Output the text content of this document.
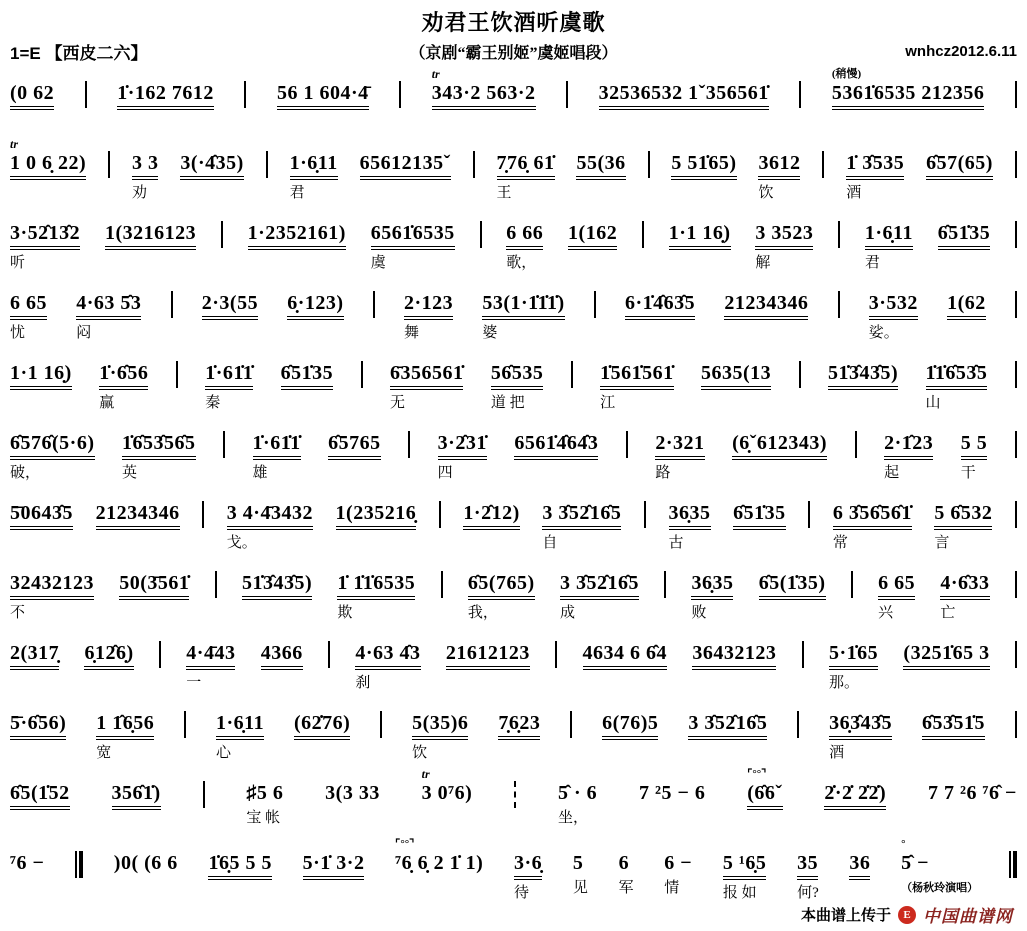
劝君王饮酒听虞歌
1=E 【西皮二六】	（京剧“霸王别姬”虞姬唱段）	wnhcz2012.6.11
(0 62	1̇·162 7612	56 1 604·4̄
tr
343·2 563·2	32536532 1ˇ356561̇
(稍慢)
5361̇6535 212356
tr
1 0 6̣ 22) 3 3
劝
3(·4̂35) 1·6̣11
君
65612135ˇ 7̣76̣ 61̇
王
55(36 5 51̇65) 3612
饮
1̇ 3̂535
酒
6̂57(65)
3·52̂13̂2
听
1(3216123	1·2352161) 6561̇6535
虞
6 66
歌，
1(162	1·1 16̣) 3 3523
解
1·6̣11
君
6̂51̇35
6 65
忧
4·63 5̂3
闷
2·3(55 6̣·123)	2·123
舞
53(1·1̇1̇1̇)
婆
6·1̇4̂63̂5 21234346	3·532
娑。
1(62
1·1 16̣) 1̇·6̂56
赢
1̇·61̇1̇
秦
6̂51̇35	6̄356561̇
无
56̂535
道 把
1̇561̇561̇
江
5635(13	51̇3̂43̂5) 1̇1̇6̂53̂5
山
6̂576̂(5·6)
破，
1̇6̂53̂56̂5
英
1̇·61̇1̇
雄
6̂5765	3·2̂31̇
四
6561̇4̂64̂3	2·321
路
(6̣ˇ612343)	2·1̂23
起
5 5
干
5̄0643̂5 21234346 3 4·4̄3432
戈。
1(235216̣ 1·2̂12) 3 3̂52̂16̂5
自
36̣35
古
6̂51̇35 6 3̂56̂56̂1̇
常
5 6̂532
言
32432123
不
50(3̄561̇	51̇3̂43̂5) 1̇ 1̇1̇6535
欺
6̂5(765)
我，
3 3̂52̂16̂5
成
36̣35
败
6̂5(1̇35)	6 65
兴
4·6̂33
亡
2(317̣ 6̣12̂6̣)	4·4̄43
一
4366	4·63 4̂3
刹
21612123	4634 6 6̂4 36432123	5·1̇65
那。
(3251̇65 3
5̄·6̂56) 1 1̂6̣56
宽
1·6̣11
心
(62̇76)	5(35)6
饮
7̣6̣23	6(76)5 3 3̂52̂16̂5	36̣3̂43̂5
酒
6̂53̂51̇5
6̂5(1̇52 356̂1̇)	♯5 6
宝 帐
3(3 33
tr
3 0⁷6)	5̂ · 6
坐，
7 ²5 − 6
⌜°°⌝
(6̂6ˇ 2̇·2̇ 2̇2̇) 7 7 ²6 ⁷6̂ −
⁷6 −	)0( (6 6 1̇6̣5 5 5 5·1̇ 3·2
⌜°°⌝
⁷6̣ 6̣ 2 1̇ 1) 3·6̣
待
5
见
6
军
6 −
情
5 ¹6̣5
报 如
35
何?
36
°
5̂ −
（杨秋玲演唱）
本曲谱上传于 E 中国曲谱网
